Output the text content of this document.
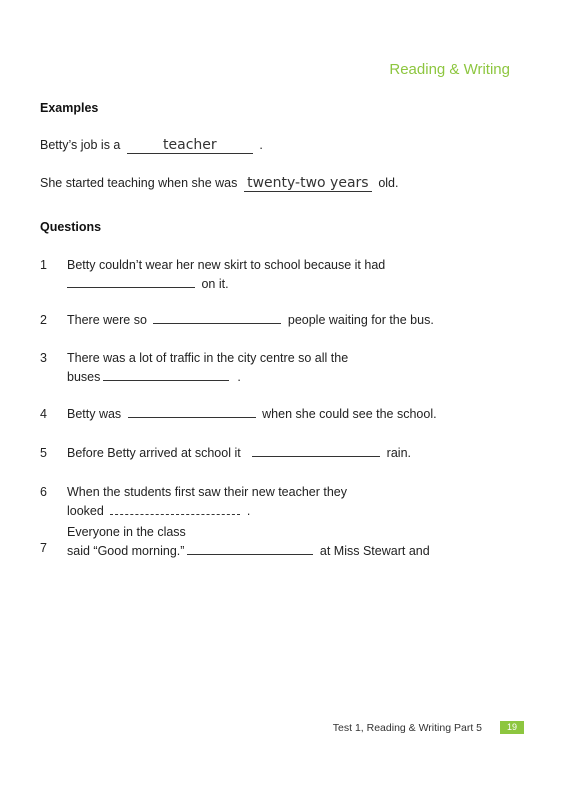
Reading & Writing
Examples
Betty’s job is a	teacher	.
She started teaching when she was twenty-two years old.
Questions
1 Betty couldn’t wear her new skirt to school because it had
on it.
2 There were so	people waiting for the bus.
3 There was a lot of traffic in the city centre so all the
buses	.
4 Betty was	when she could see the school.
5 Before Betty arrived at school it	rain.
6 When the students first saw their new teacher they
looked	.
7
Everyone in the class
said “Good morning.”	at Miss Stewart and
Test 1, Reading & Writing Part 5	19
